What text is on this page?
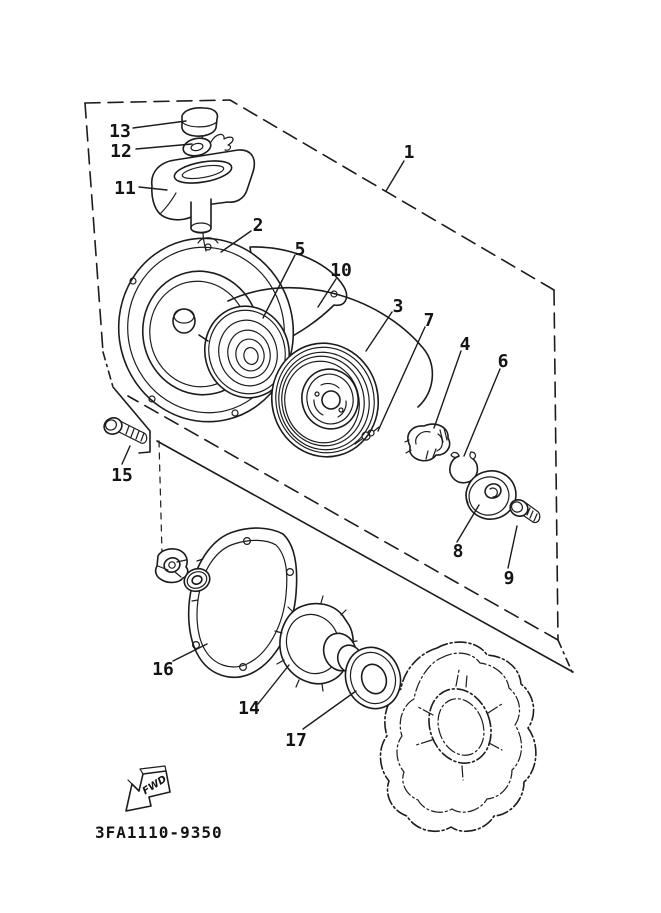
1
2
3
4
5
6
7
8
9
10
11
12
13
14
15
16
17
FWD
3FA1110-9350
